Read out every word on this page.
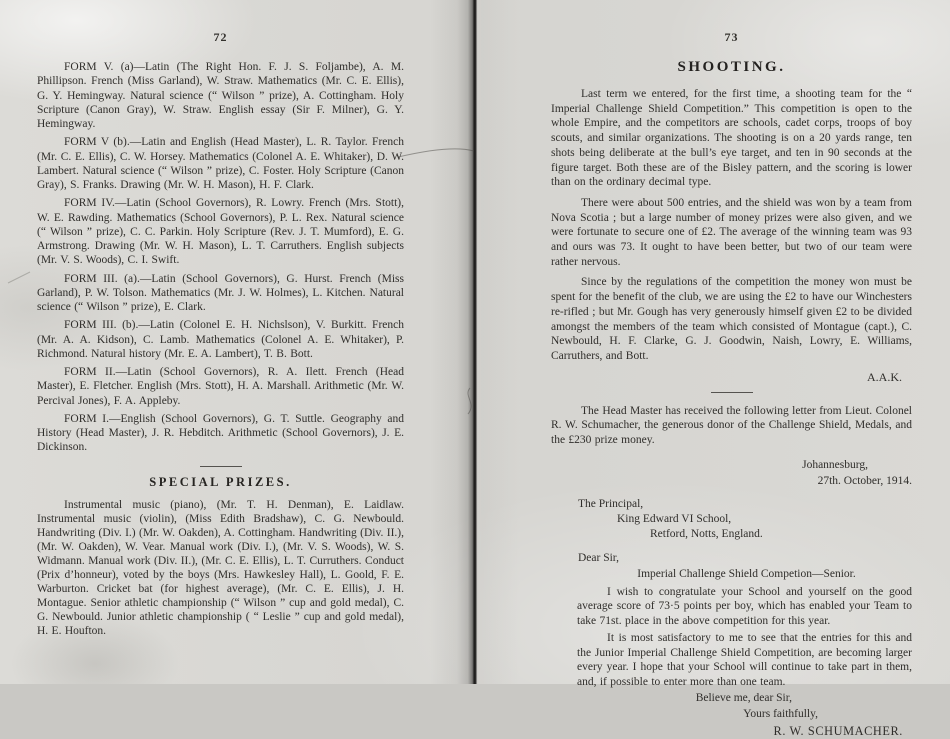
72

FORM V. (a)—Latin (The Right Hon. F. J. S. Foljambe), A. M. Phillipson. French (Miss Garland), W. Straw. Mathematics (Mr. C. E. Ellis), G. Y. Hemingway. Natural science (“ Wilson ” prize), A. Cottingham. Holy Scripture (Canon Gray), W. Straw. English essay (Sir F. Milner), G. Y. Hemingway.

FORM V (b).—Latin and English (Head Master), L. R. Taylor. French (Mr. C. E. Ellis), C. W. Horsey. Mathematics (Colonel A. E. Whitaker), D. W. Lambert. Natural science (“ Wilson ” prize), C. Foster. Holy Scripture (Canon Gray), S. Franks. Drawing (Mr. W. H. Mason), H. F. Clark.

FORM IV.—Latin (School Governors), R. Lowry. French (Mrs. Stott), W. E. Rawding. Mathematics (School Governors), P. L. Rex. Natural science (“ Wilson ” prize), C. C. Parkin. Holy Scripture (Rev. J. T. Mumford), E. G. Armstrong. Drawing (Mr. W. H. Mason), L. T. Carruthers. English subjects (Mr. V. S. Woods), C. I. Swift.

FORM III. (a).—Latin (School Governors), G. Hurst. French (Miss Garland), P. W. Tolson. Mathematics (Mr. J. W. Holmes), L. Kitchen. Natural science (“ Wilson ” prize), E. Clark.

FORM III. (b).—Latin (Colonel E. H. Nichslson), V. Burkitt. French (Mr. A. A. Kidson), C. Lamb. Mathematics (Colonel A. E. Whitaker), P. Richmond. Natural history (Mr. E. A. Lambert), T. B. Bott.

FORM II.—Latin (School Governors), R. A. Ilett. French (Head Master), E. Fletcher. English (Mrs. Stott), H. A. Marshall. Arithmetic (Mr. W. Percival Jones), F. A. Appleby.

FORM I.—English (School Governors), G. T. Suttle. Geography and History (Head Master), J. R. Hebditch. Arithmetic (School Governors), J. E. Dickinson.

SPECIAL PRIZES.

Instrumental music (piano), (Mr. T. H. Denman), E. Laidlaw. Instrumental music (violin), (Miss Edith Bradshaw), C. G. Newbould. Handwriting (Div. I.) (Mr. W. Oakden), A. Cottingham. Handwriting (Div. II.), (Mr. W. Oakden), W. Vear. Manual work (Div. I.), (Mr. V. S. Woods), W. S. Widmann. Manual work (Div. II.), (Mr. C. E. Ellis), L. T. Curruthers. Conduct (Prix d’honneur), voted by the boys (Mrs. Hawkesley Hall), L. Goold, F. E. Warburton. Cricket bat (for highest average), (Mr. C. E. Ellis), J. H. Montague. Senior athletic championship (“ Wilson ” cup and gold medal), C. G. Newbould. Junior athletic championship ( “ Leslie ” cup and gold medal), H. E. Houfton.

73
SHOOTING.

Last term we entered, for the first time, a shooting team for the “ Imperial Challenge Shield Competition.” This competition is open to the whole Empire, and the competitors are schools, cadet corps, troops of boy scouts, and similar organizations. The shooting is on a 20 yards range, ten shots being deliberate at the bull’s eye target, and ten in 90 seconds at the figure target. Both these are of the Bisley pattern, and the scoring is lower than on the ordinary decimal type.

There were about 500 entries, and the shield was won by a team from Nova Scotia ; but a large number of money prizes were also given, and we were fortunate to secure one of £2. The average of the winning team was 93 and ours was 73. It ought to have been better, but two of our team were rather nervous.

Since by the regulations of the competition the money won must be spent for the benefit of the club, we are using the £2 to have our Winchesters re-rifled ; but Mr. Gough has very generously himself given £2 to be divided amongst the members of the team which consisted of Montague (capt.), C. Newbould, H. F. Clarke, G. J. Goodwin, Naish, Lowry, E. Williams, Carruthers, and Bott.

A.A.K.

The Head Master has received the following letter from Lieut. Colonel R. W. Schumacher, the generous donor of the Challenge Shield, Medals, and the £230 prize money.

Johannesburg,
27th. October, 1914.
The Principal,
King Edward VI School,
Retford, Notts, England.
Dear Sir,
Imperial Challenge Shield Competion—Senior.

I wish to congratulate your School and yourself on the good average score of 73·5 points per boy, which has enabled your Team to take 71st. place in the above competition for this year.

It is most satisfactory to me to see that the entries for this and the Junior Imperial Challenge Shield Competition, are becoming larger every year. I hope that your School will continue to take part in them, and, if possible to enter more than one team.

Believe me, dear Sir,
Yours faithfully,
R. W. SCHUMACHER.
